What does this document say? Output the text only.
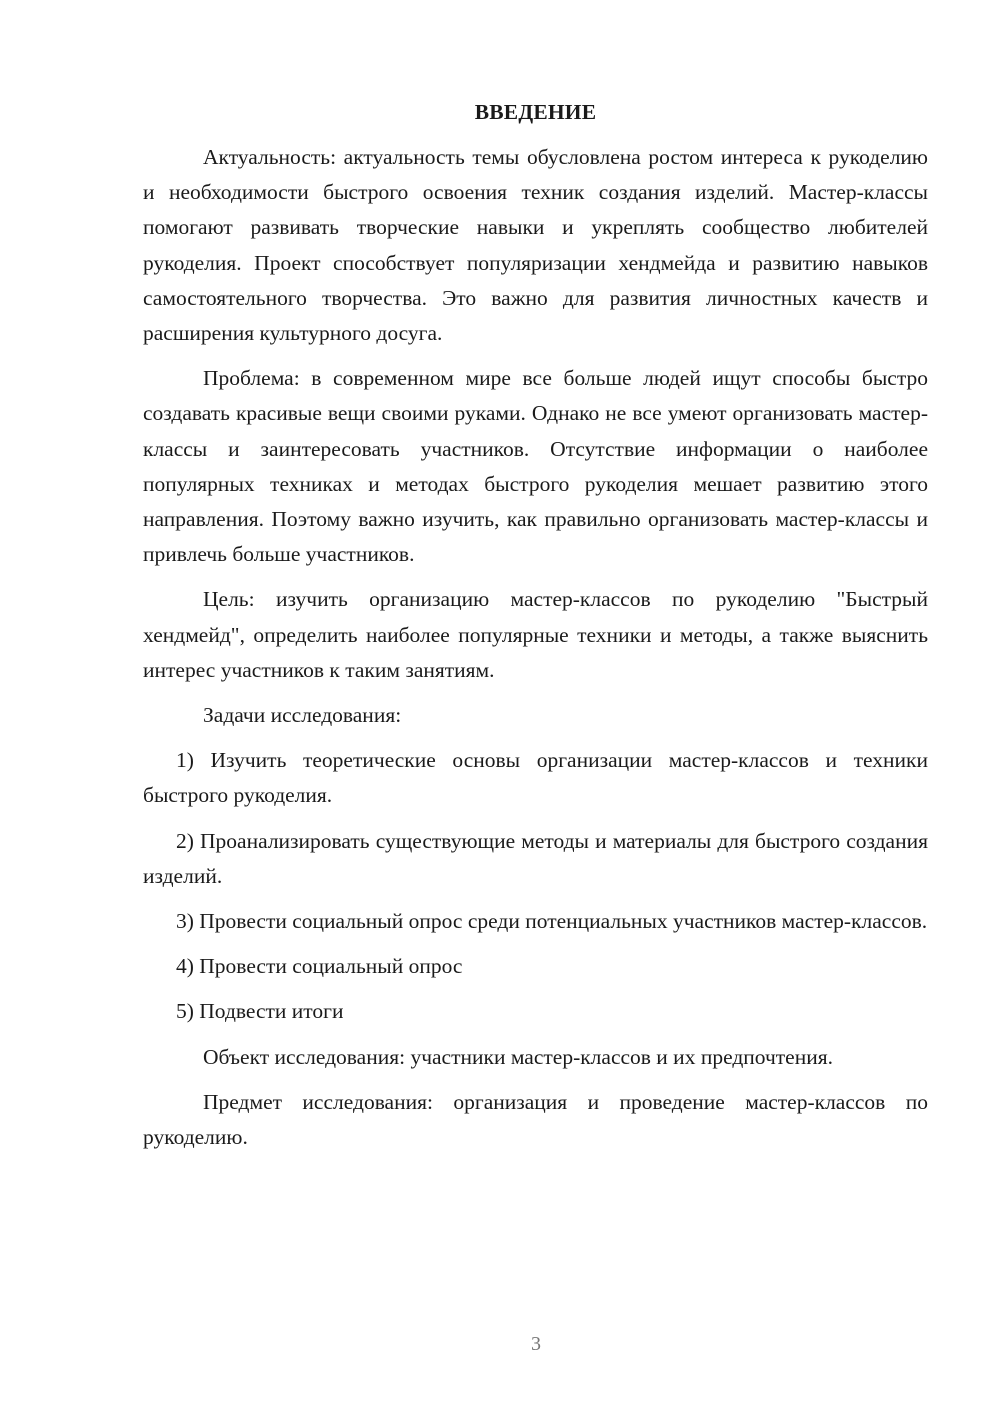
ВВЕДЕНИЕ

Актуальность: актуальность темы обусловлена ростом интереса к рукоделию и необходимости быстрого освоения техник создания изделий. Мастер-классы помогают развивать творческие навыки и укреплять сообщество любителей рукоделия. Проект способствует популяризации хендмейда и развитию навыков самостоятельного творчества. Это важно для развития личностных качеств и расширения культурного досуга.

Проблема: в современном мире все больше людей ищут способы быстро создавать красивые вещи своими руками. Однако не все умеют организовать мастер-классы и заинтересовать участников. Отсутствие информации о наиболее популярных техниках и методах быстрого рукоделия мешает развитию этого направления. Поэтому важно изучить, как правильно организовать мастер-классы и привлечь больше участников.

Цель: изучить организацию мастер-классов по рукоделию "Быстрый хендмейд", определить наиболее популярные техники и методы, а также выяснить интерес участников к таким занятиям.

Задачи исследования:

1) Изучить теоретические основы организации мастер-классов и техники быстрого рукоделия.

2) Проанализировать существующие методы и материалы для быстрого создания изделий.

3) Провести социальный опрос среди потенциальных участников мастер-классов.

4) Провести социальный опрос

5) Подвести итоги

Объект исследования: участники мастер-классов и их предпочтения.

Предмет исследования: организация и проведение мастер-классов по рукоделию.

3
